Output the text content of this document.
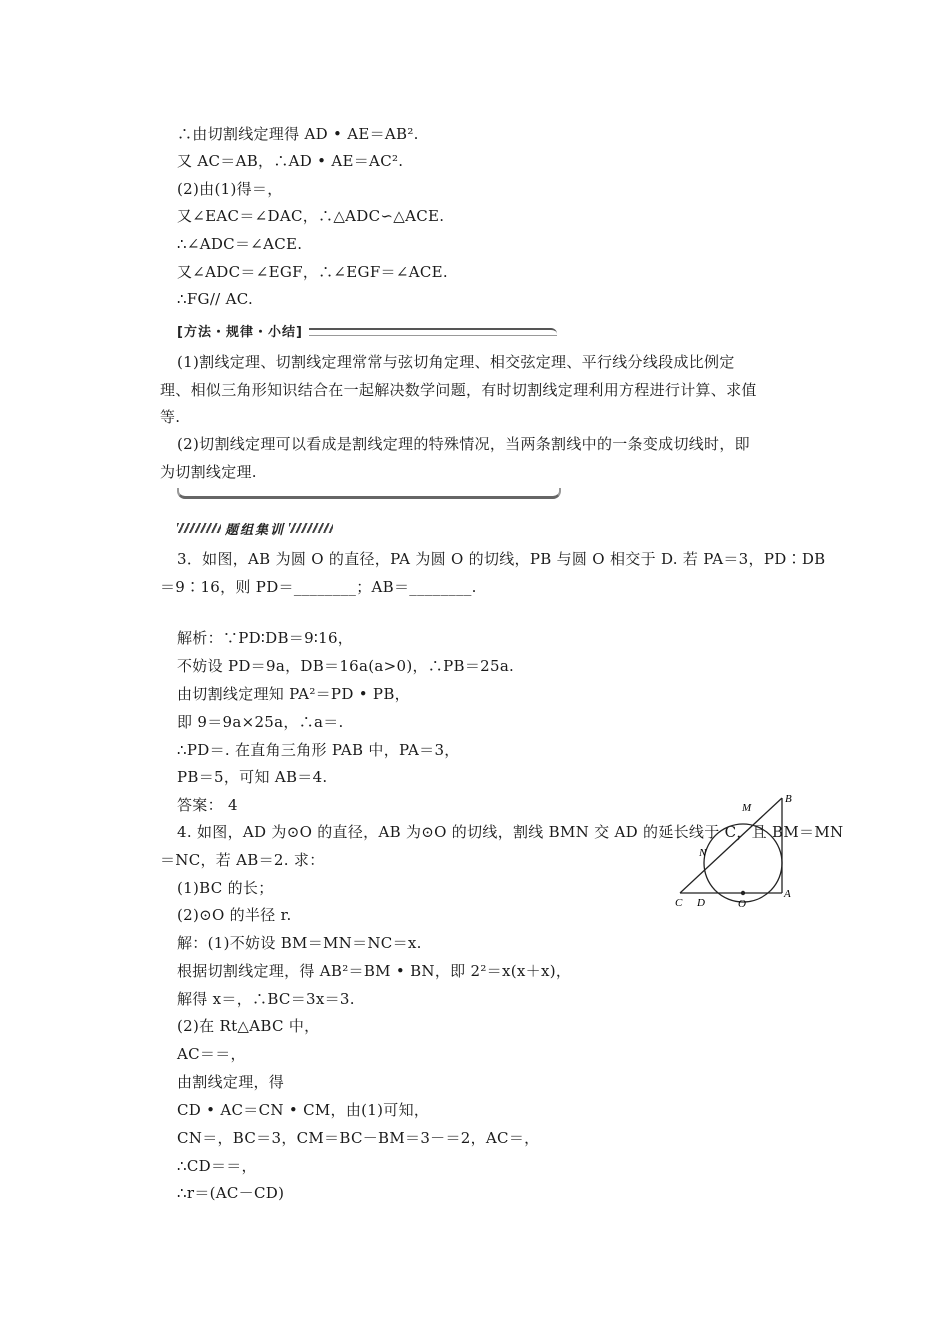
∴由切割线定理得 AD • AE＝AB².

又 AC＝AB，∴AD • AE＝AC².

(2)由(1)得＝，

又∠EAC＝∠DAC，∴△ADC∽△ACE.

∴∠ADC＝∠ACE.

又∠ADC＝∠EGF，∴∠EGF＝∠ACE.

∴FG// AC.

[方法・规律・小结]

(1)割线定理、切割线定理常常与弦切角定理、相交弦定理、平行线分线段成比例定

理、相似三角形知识结合在一起解决数学问题，有时切割线定理利用方程进行计算、求值

等.

(2)切割线定理可以看成是割线定理的特殊情况，当两条割线中的一条变成切线时，即

为切割线定理.

题组集训

3．如图，AB 为圆 O 的直径，PA 为圆 O 的切线，PB 与圆 O 相交于 D. 若 PA＝3，PD∶DB

＝9∶16，则 PD＝________；AB＝________.

解析：∵PD∶DB＝9∶16，

不妨设 PD＝9a，DB＝16a(a>0)，∴PB＝25a.

由切割线定理知 PA²＝PD • PB，

即 9＝9a×25a，∴a＝.

∴PD＝. 在直角三角形 PAB 中，PA＝3，

PB＝5，可知 AB＝4.

答案： 4

4. 如图，AD 为⊙O 的直径，AB 为⊙O 的切线，割线 BMN 交 AD 的延长线于 C，且 BM＝MN

＝NC，若 AB＝2. 求：

(1)BC 的长；

(2)⊙O 的半径 r.

解：(1)不妨设 BM＝MN＝NC＝x.

根据切割线定理，得 AB²＝BM • BN，即 2²＝x(x＋x)，

解得 x＝，∴BC＝3x＝3.

(2)在 Rt△ABC 中，

AC＝＝，

由割线定理，得

CD • AC＝CN • CM，由(1)可知，

CN＝，BC＝3，CM＝BC－BM＝3－＝2，AC＝，

∴CD＝＝，

∴r＝(AC－CD)

B
M
N
C D	O
A
